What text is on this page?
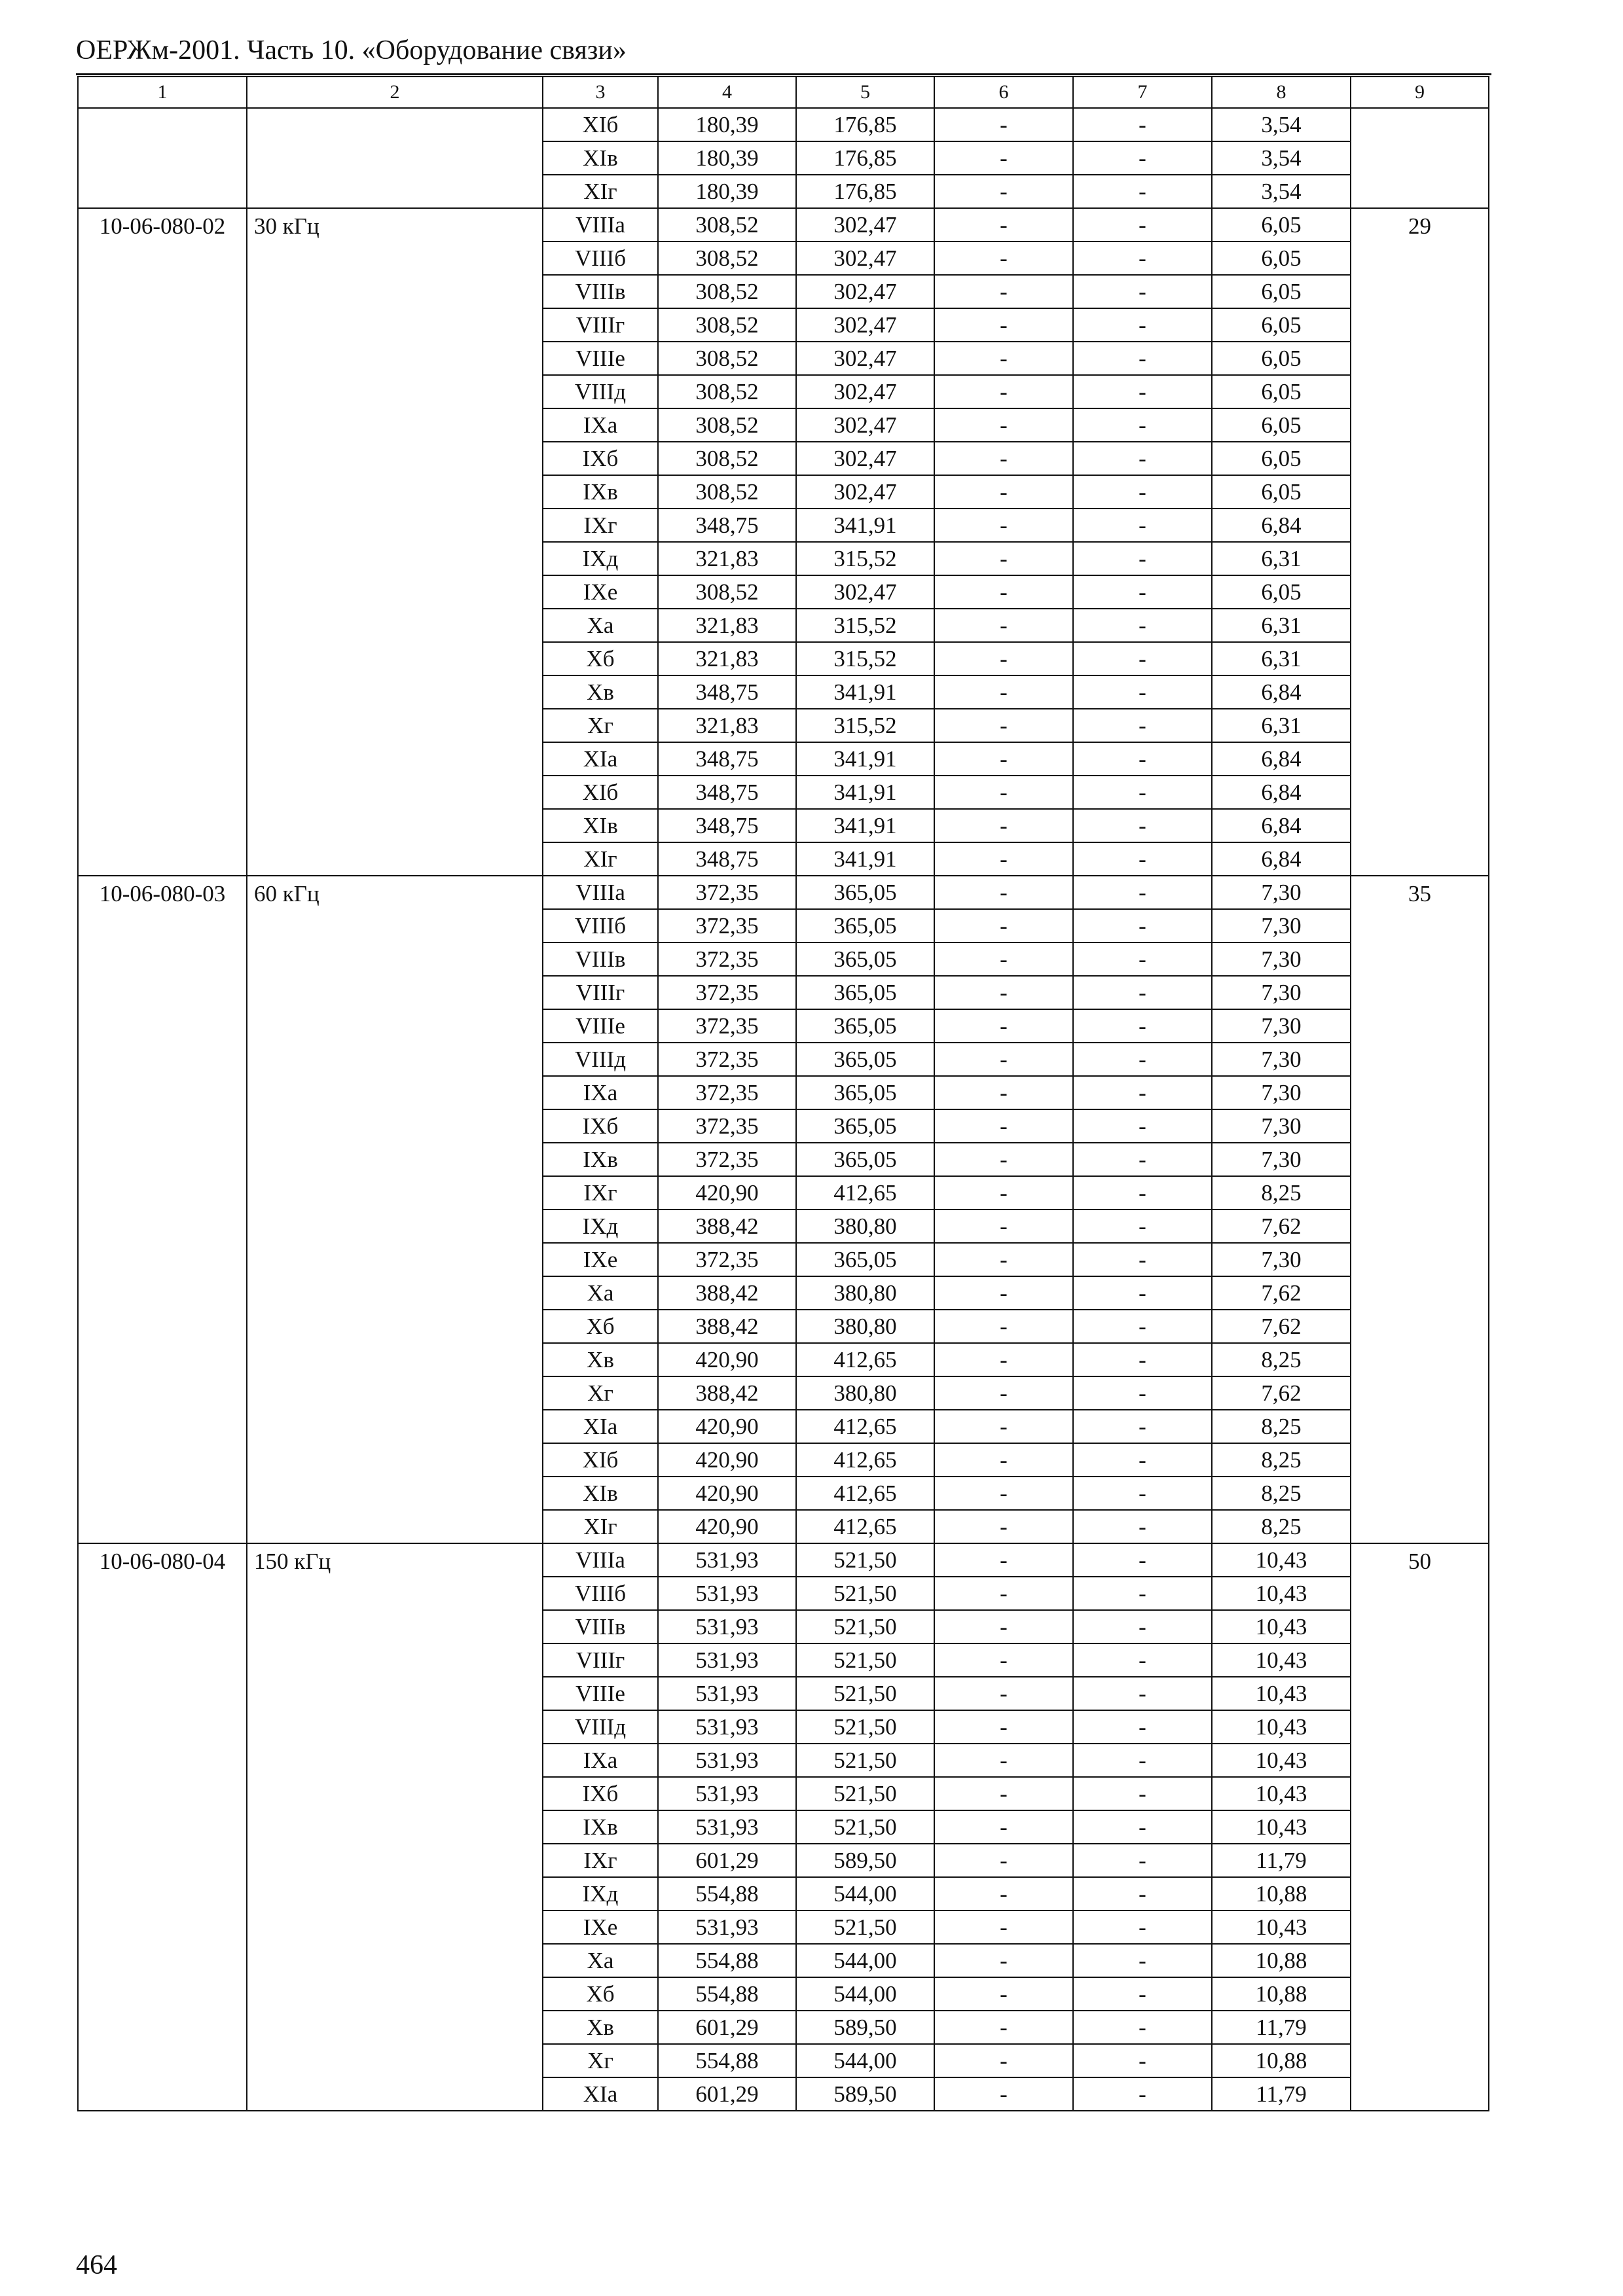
ОЕРЖм-2001. Часть 10. «Оборудование связи»
1	2	3	4	5	6	7	8	9
		XIб	180,39	176,85	-	-	3,54	
		XIв	180,39	176,85	-	-	3,54	
		XIг	180,39	176,85	-	-	3,54	
10-06-080-02	30 кГц	VIIIа	308,52	302,47	-	-	6,05	29
		VIIIб	308,52	302,47	-	-	6,05	
		VIIIв	308,52	302,47	-	-	6,05	
		VIIIг	308,52	302,47	-	-	6,05	
		VIIIе	308,52	302,47	-	-	6,05	
		VIIIд	308,52	302,47	-	-	6,05	
		IXа	308,52	302,47	-	-	6,05	
		IXб	308,52	302,47	-	-	6,05	
		IXв	308,52	302,47	-	-	6,05	
		IXг	348,75	341,91	-	-	6,84	
		IXд	321,83	315,52	-	-	6,31	
		IXе	308,52	302,47	-	-	6,05	
		Xа	321,83	315,52	-	-	6,31	
		Xб	321,83	315,52	-	-	6,31	
		Xв	348,75	341,91	-	-	6,84	
		Xг	321,83	315,52	-	-	6,31	
		XIа	348,75	341,91	-	-	6,84	
		XIб	348,75	341,91	-	-	6,84	
		XIв	348,75	341,91	-	-	6,84	
		XIг	348,75	341,91	-	-	6,84	
10-06-080-03	60 кГц	VIIIа	372,35	365,05	-	-	7,30	35
		VIIIб	372,35	365,05	-	-	7,30	
		VIIIв	372,35	365,05	-	-	7,30	
		VIIIг	372,35	365,05	-	-	7,30	
		VIIIе	372,35	365,05	-	-	7,30	
		VIIIд	372,35	365,05	-	-	7,30	
		IXа	372,35	365,05	-	-	7,30	
		IXб	372,35	365,05	-	-	7,30	
		IXв	372,35	365,05	-	-	7,30	
		IXг	420,90	412,65	-	-	8,25	
		IXд	388,42	380,80	-	-	7,62	
		IXе	372,35	365,05	-	-	7,30	
		Xа	388,42	380,80	-	-	7,62	
		Xб	388,42	380,80	-	-	7,62	
		Xв	420,90	412,65	-	-	8,25	
		Xг	388,42	380,80	-	-	7,62	
		XIа	420,90	412,65	-	-	8,25	
		XIб	420,90	412,65	-	-	8,25	
		XIв	420,90	412,65	-	-	8,25	
		XIг	420,90	412,65	-	-	8,25	
10-06-080-04	150 кГц	VIIIа	531,93	521,50	-	-	10,43	50
		VIIIб	531,93	521,50	-	-	10,43	
		VIIIв	531,93	521,50	-	-	10,43	
		VIIIг	531,93	521,50	-	-	10,43	
		VIIIе	531,93	521,50	-	-	10,43	
		VIIIд	531,93	521,50	-	-	10,43	
		IXа	531,93	521,50	-	-	10,43	
		IXб	531,93	521,50	-	-	10,43	
		IXв	531,93	521,50	-	-	10,43	
		IXг	601,29	589,50	-	-	11,79	
		IXд	554,88	544,00	-	-	10,88	
		IXе	531,93	521,50	-	-	10,43	
		Xа	554,88	544,00	-	-	10,88	
		Xб	554,88	544,00	-	-	10,88	
		Xв	601,29	589,50	-	-	11,79	
		Xг	554,88	544,00	-	-	10,88	
		XIа	601,29	589,50	-	-	11,79	
464
